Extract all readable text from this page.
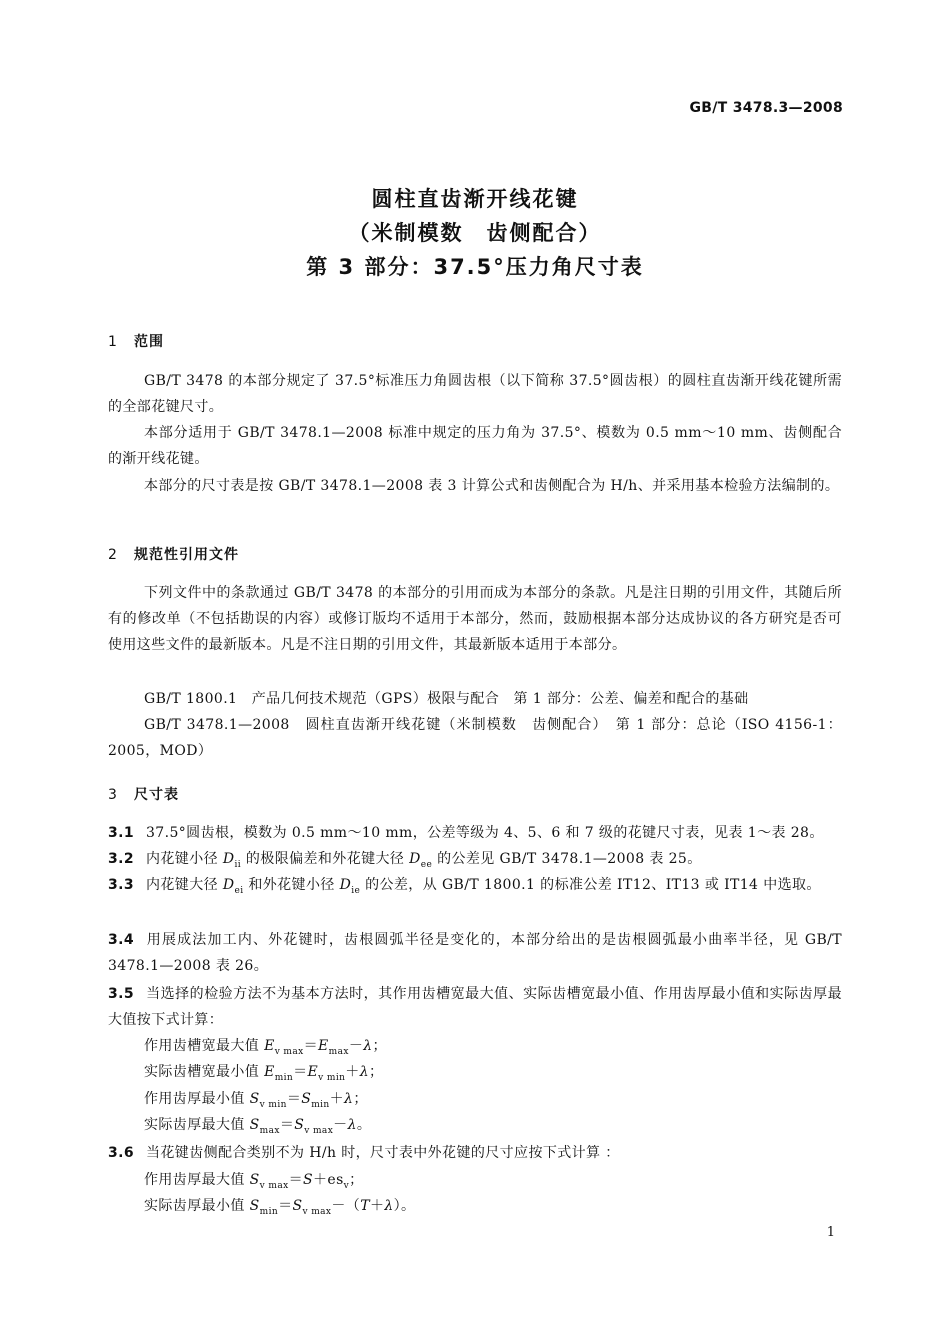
GB/T 3478.3—2008
圆柱直齿渐开线花键
（米制模数　齿侧配合）
第 3 部分：37.5°压力角尺寸表
1 范围
GB/T 3478 的本部分规定了 37.5°标准压力角圆齿根（以下简称 37.5°圆齿根）的圆柱直齿渐开线花键所需的全部花键尺寸。
本部分适用于 GB/T 3478.1—2008 标准中规定的压力角为 37.5°、模数为 0.5 mm～10 mm、齿侧配合的渐开线花键。
本部分的尺寸表是按 GB/T 3478.1—2008 表 3 计算公式和齿侧配合为 H/h、并采用基本检验方法编制的。
2 规范性引用文件
下列文件中的条款通过 GB/T 3478 的本部分的引用而成为本部分的条款。凡是注日期的引用文件，其随后所有的修改单（不包括勘误的内容）或修订版均不适用于本部分，然而，鼓励根据本部分达成协议的各方研究是否可使用这些文件的最新版本。凡是不注日期的引用文件，其最新版本适用于本部分。
GB/T 1800.1　产品几何技术规范（GPS）极限与配合　第 1 部分：公差、偏差和配合的基础
GB/T 3478.1—2008　圆柱直齿渐开线花键（米制模数　齿侧配合）　第 1 部分：总论（ISO 4156-1：2005，MOD）
3 尺寸表
3.1 37.5°圆齿根，模数为 0.5 mm～10 mm，公差等级为 4、5、6 和 7 级的花键尺寸表，见表 1～表 28。
3.2 内花键小径 $D_{ii}$ 的极限偏差和外花键大径 $D_{ee}$ 的公差见 GB/T 3478.1—2008 表 25。
3.3 内花键大径 $D_{ei}$ 和外花键小径 $D_{ie}$ 的公差，从 GB/T 1800.1 的标准公差 IT12、IT13 或 IT14 中选取。
3.4 用展成法加工内、外花键时，齿根圆弧半径是变化的，本部分给出的是齿根圆弧最小曲率半径，见 GB/T 3478.1—2008 表 26。
3.5 当选择的检验方法不为基本方法时，其作用齿槽宽最大值、实际齿槽宽最小值、作用齿厚最小值和实际齿厚最大值按下式计算：
作用齿槽宽最大值 $E_{v max}=E_{max}-\lambda$；
实际齿槽宽最小值 $E_{min}=E_{v min}+\lambda$；
作用齿厚最小值 $S_{v min}=S_{min}+\lambda$；
实际齿厚最大值 $S_{max}=S_{v max}-\lambda$。
3.6 当花键齿侧配合类别不为 H/h 时，尺寸表中外花键的尺寸应按下式计算 ：
作用齿厚最大值 $S_{v max}=S+es_v$；
实际齿厚最小值 $S_{min}=S_{v max}-(T+\lambda)$。
1
